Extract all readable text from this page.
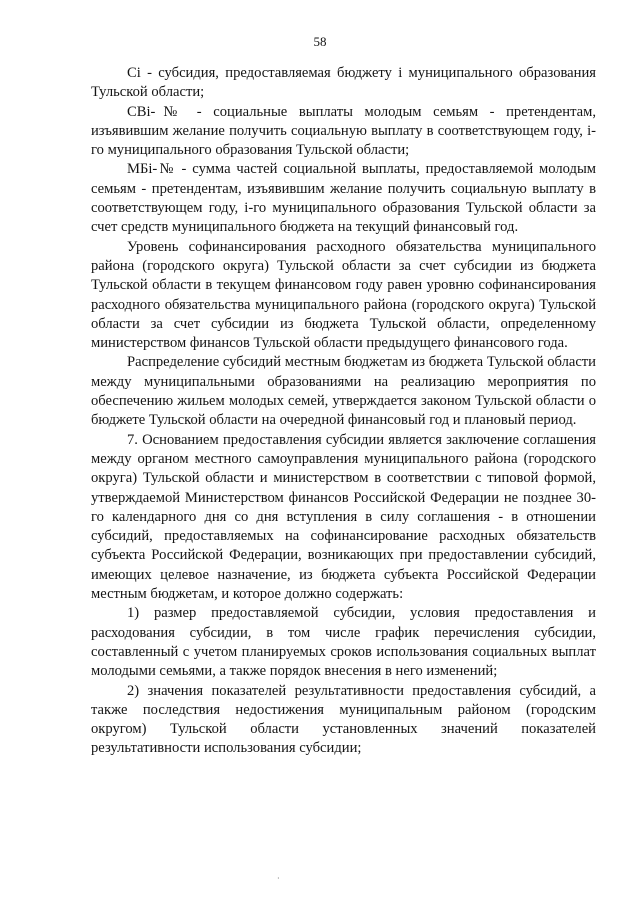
58

Ci - субсидия, предоставляемая бюджету i муниципального образования Тульской области;

СВi-№ - социальные выплаты молодым семьям - претендентам, изъявившим желание получить социальную выплату в соответствующем году, i-го муниципального образования Тульской области;

МБi-№ - сумма частей социальной выплаты, предоставляемой молодым семьям - претендентам, изъявившим желание получить социальную выплату в соответствующем году, i-го муниципального образования Тульской области за счет средств муниципального бюджета на текущий финансовый год.

Уровень софинансирования расходного обязательства муниципального района (городского округа) Тульской области за счет субсидии из бюджета Тульской области в текущем финансовом году равен уровню софинансирования расходного обязательства муниципального района (городского округа) Тульской области за счет субсидии из бюджета Тульской области, определенному министерством финансов Тульской области предыдущего финансового года.

Распределение субсидий местным бюджетам из бюджета Тульской области между муниципальными образованиями на реализацию мероприятия по обеспечению жильем молодых семей, утверждается законом Тульской области о бюджете Тульской области на очередной финансовый год и плановый период.

7. Основанием предоставления субсидии является заключение соглашения между органом местного самоуправления муниципального района (городского округа) Тульской области и министерством в соответствии с типовой формой, утверждаемой Министерством финансов Российской Федерации не позднее 30-го календарного дня со дня вступления в силу соглашения - в отношении субсидий, предоставляемых на софинансирование расходных обязательств субъекта Российской Федерации, возникающих при предоставлении субсидий, имеющих целевое назначение, из бюджета субъекта Российской Федерации местным бюджетам, и которое должно содержать:

1) размер предоставляемой субсидии, условия предоставления и расходования субсидии, в том числе график перечисления субсидии, составленный с учетом планируемых сроков использования социальных выплат молодыми семьями, а также порядок внесения в него изменений;

2) значения показателей результативности предоставления субсидий, а также последствия недостижения муниципальным районом (городским округом) Тульской области установленных значений показателей результативности использования субсидии;

·
